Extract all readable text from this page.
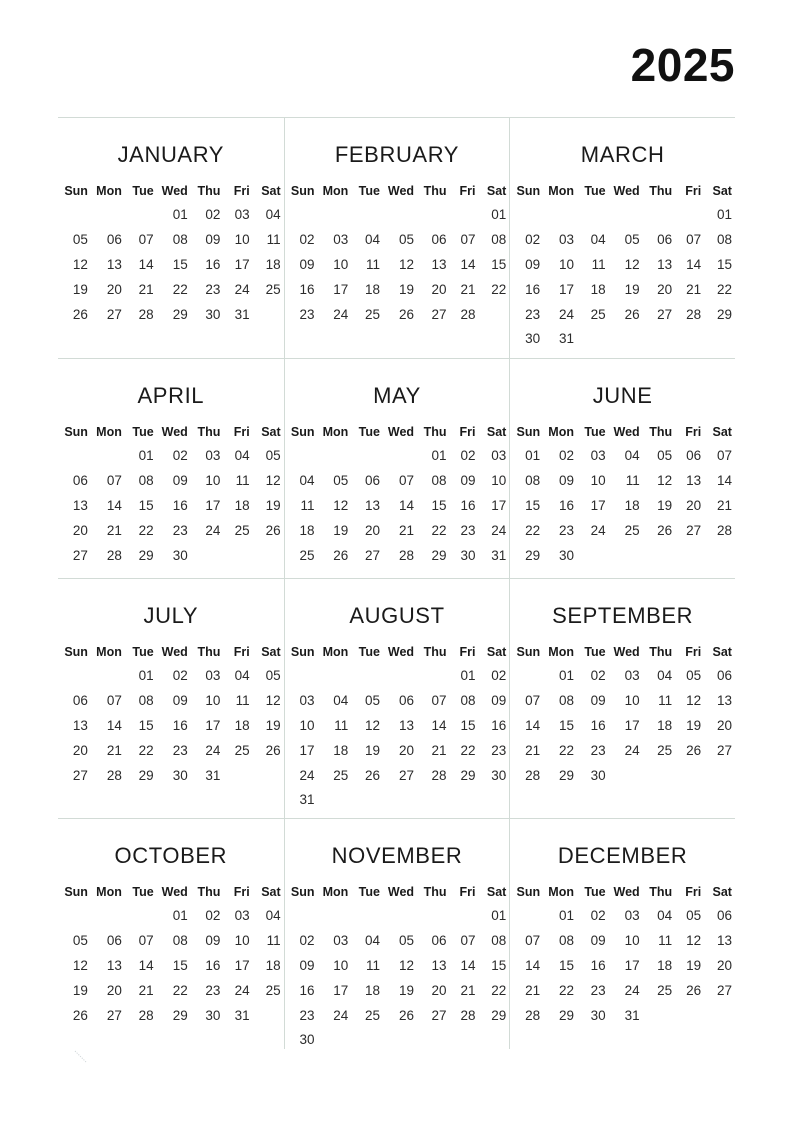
2025
JANUARY
Sun	Mon	Tue	Wed	Thu	Fri	Sat
			01	02	03	04
05	06	07	08	09	10	11
12	13	14	15	16	17	18
19	20	21	22	23	24	25
26	27	28	29	30	31	
FEBRUARY
Sun	Mon	Tue	Wed	Thu	Fri	Sat
						01
02	03	04	05	06	07	08
09	10	11	12	13	14	15
16	17	18	19	20	21	22
23	24	25	26	27	28	
MARCH
Sun	Mon	Tue	Wed	Thu	Fri	Sat
						01
02	03	04	05	06	07	08
09	10	11	12	13	14	15
16	17	18	19	20	21	22
23	24	25	26	27	28	29
30	31					
APRIL
Sun	Mon	Tue	Wed	Thu	Fri	Sat
		01	02	03	04	05
06	07	08	09	10	11	12
13	14	15	16	17	18	19
20	21	22	23	24	25	26
27	28	29	30			
MAY
Sun	Mon	Tue	Wed	Thu	Fri	Sat
				01	02	03
04	05	06	07	08	09	10
11	12	13	14	15	16	17
18	19	20	21	22	23	24
25	26	27	28	29	30	31
JUNE
Sun	Mon	Tue	Wed	Thu	Fri	Sat
01	02	03	04	05	06	07
08	09	10	11	12	13	14
15	16	17	18	19	20	21
22	23	24	25	26	27	28
29	30					
JULY
Sun	Mon	Tue	Wed	Thu	Fri	Sat
		01	02	03	04	05
06	07	08	09	10	11	12
13	14	15	16	17	18	19
20	21	22	23	24	25	26
27	28	29	30	31		
AUGUST
Sun	Mon	Tue	Wed	Thu	Fri	Sat
					01	02
03	04	05	06	07	08	09
10	11	12	13	14	15	16
17	18	19	20	21	22	23
24	25	26	27	28	29	30
31						
SEPTEMBER
Sun	Mon	Tue	Wed	Thu	Fri	Sat
	01	02	03	04	05	06
07	08	09	10	11	12	13
14	15	16	17	18	19	20
21	22	23	24	25	26	27
28	29	30				
OCTOBER
Sun	Mon	Tue	Wed	Thu	Fri	Sat
			01	02	03	04
05	06	07	08	09	10	11
12	13	14	15	16	17	18
19	20	21	22	23	24	25
26	27	28	29	30	31	
NOVEMBER
Sun	Mon	Tue	Wed	Thu	Fri	Sat
						01
02	03	04	05	06	07	08
09	10	11	12	13	14	15
16	17	18	19	20	21	22
23	24	25	26	27	28	29
30						
DECEMBER
Sun	Mon	Tue	Wed	Thu	Fri	Sat
	01	02	03	04	05	06
07	08	09	10	11	12	13
14	15	16	17	18	19	20
21	22	23	24	25	26	27
28	29	30	31			
